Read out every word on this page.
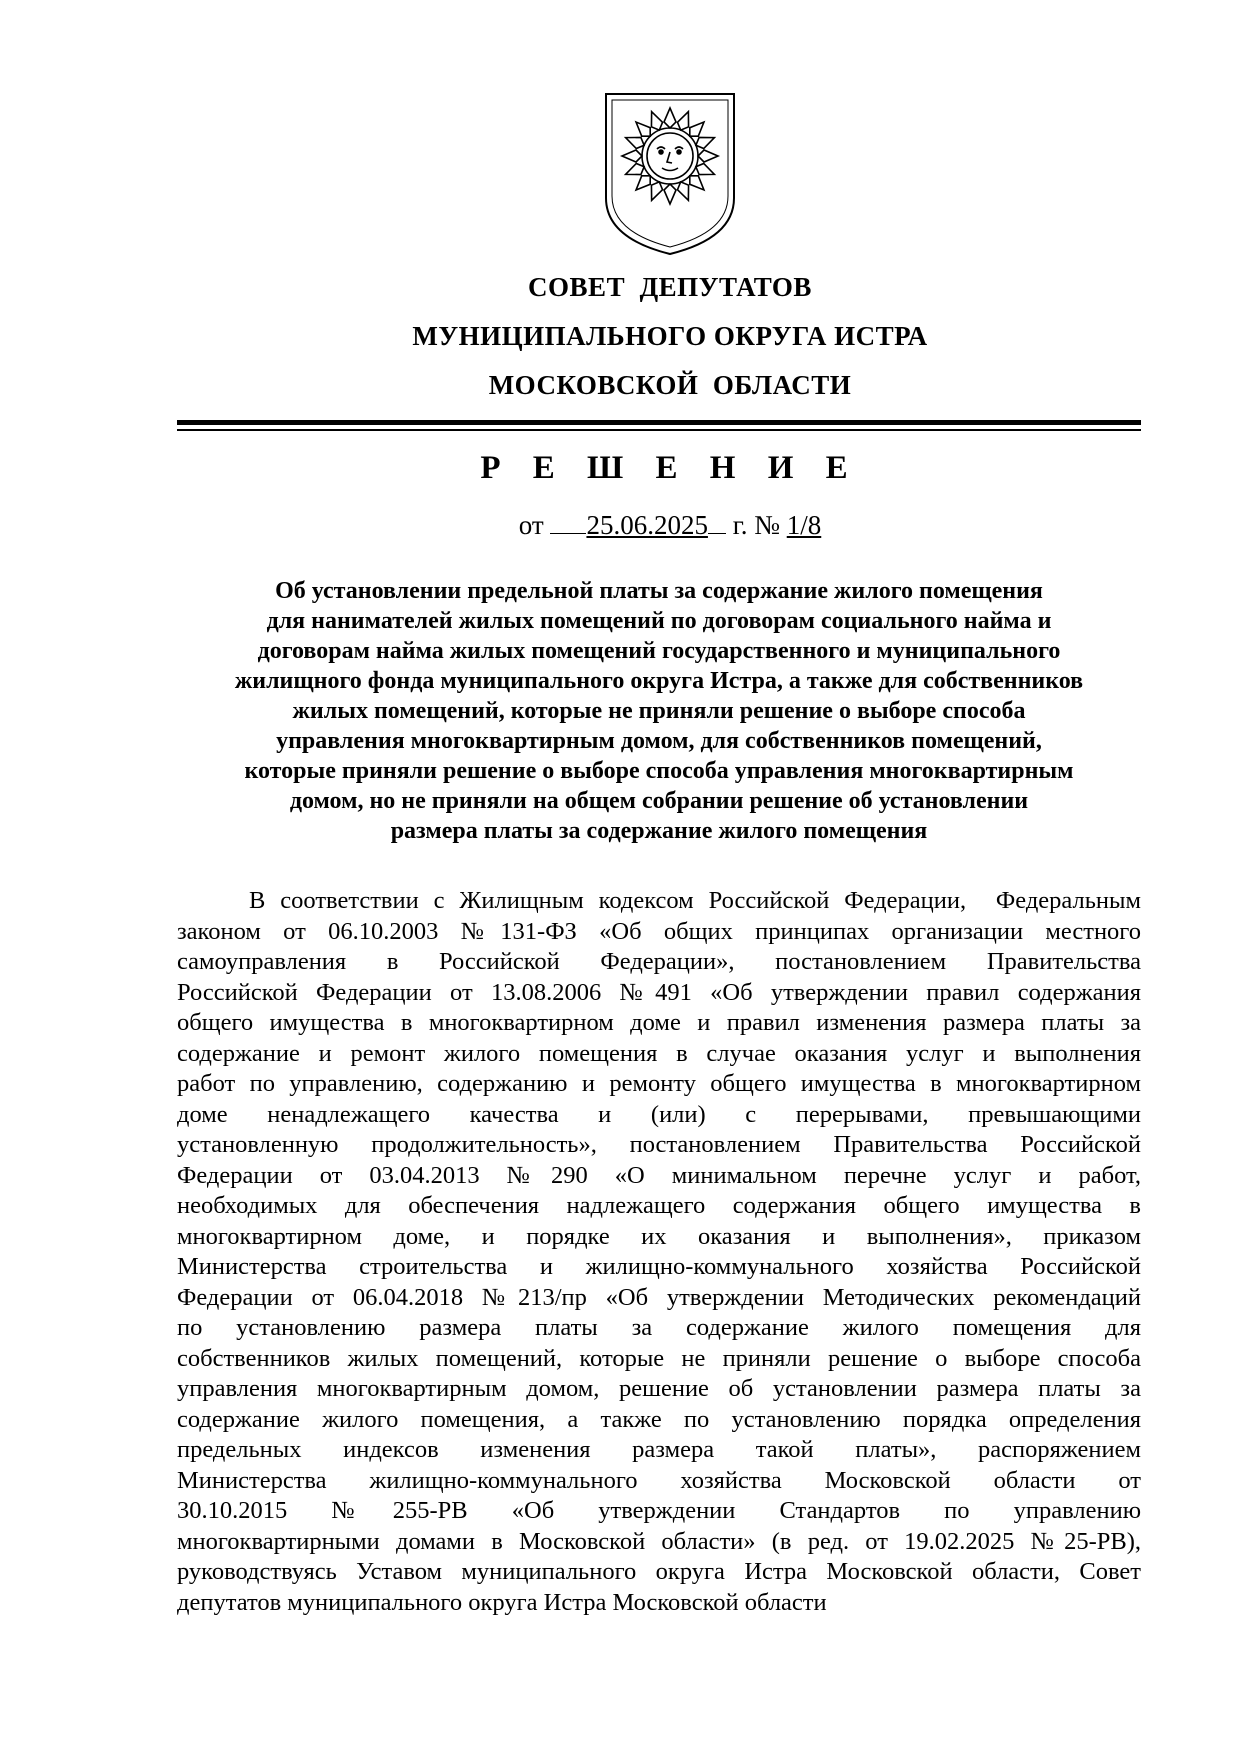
СОВЕТ  ДЕПУТАТОВ
МУНИЦИПАЛЬНОГО ОКРУГА ИСТРА
МОСКОВСКОЙ  ОБЛАСТИ
Р Е Ш Е Н И Е
от 25.06.2025 г. № 1/8
Об установлении предельной платы за содержание жилого помещения
для нанимателей жилых помещений по договорам социального найма и
договорам найма жилых помещений государственного и муниципального
жилищного фонда муниципального округа Истра, а также для собственников
жилых помещений, которые не приняли решение о выборе способа
управления многоквартирным домом, для собственников помещений,
которые приняли решение о выборе способа управления многоквартирным
домом, но не приняли на общем собрании решение об установлении
размера платы за содержание жилого помещения
В соответствии с Жилищным кодексом Российской Федерации,  Федеральным
законом от 06.10.2003 №131-ФЗ «Об общих принципах организации местного
самоуправления в Российской Федерации», постановлением Правительства
Российской Федерации от 13.08.2006 №491 «Об утверждении правил содержания
общего имущества в многоквартирном доме и правил изменения размера платы за
содержание и ремонт жилого помещения в случае оказания услуг и выполнения
работ по управлению, содержанию и ремонту общего имущества в многоквартирном
доме ненадлежащего качества и (или) с перерывами, превышающими
установленную продолжительность», постановлением Правительства Российской
Федерации от 03.04.2013 №290 «О минимальном перечне услуг и работ,
необходимых для обеспечения надлежащего содержания общего имущества в
многоквартирном доме, и порядке их оказания и выполнения», приказом
Министерства строительства и жилищно-коммунального хозяйства Российской
Федерации от 06.04.2018 №213/пр «Об утверждении Методических рекомендаций
по установлению размера платы за содержание жилого помещения для
собственников жилых помещений, которые не приняли решение о выборе способа
управления многоквартирным домом, решение об установлении размера платы за
содержание жилого помещения, а также по установлению порядка определения
предельных индексов изменения размера такой платы», распоряжением
Министерства жилищно-коммунального хозяйства Московской области от
30.10.2015 №255-РВ «Об утверждении Стандартов по управлению
многоквартирными домами в Московской области» (в ред. от 19.02.2025 №25-РВ),
руководствуясь Уставом муниципального округа Истра Московской области, Совет
депутатов муниципального округа Истра Московской области
